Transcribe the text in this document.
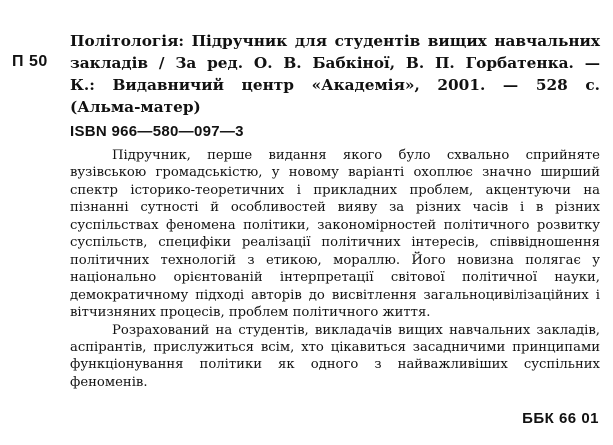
П 50
Політологія: Підручник для студентів вищих навчальних
закладів / За ред. О. В. Бабкіної, В. П. Горбатенка. —
К.: Видавничий центр «Академія», 2001. — 528 с.
(Альма-матер)
ISBN 966—580—097—3

Підручник, перше видання якого було схвально сприйняте вузівською громадськістю, у новому варіанті охоплює значно ширший спектр історико-теоретичних і прикладних проблем, акцентуючи на пізнанні сутності й особливостей вияву за різних часів і в різних суспільствах феномена політики, закономірностей політичного розвитку суспільств, специфіки реалізації політичних інтересів, співвідношення політичних технологій з етикою, мораллю. Його новизна полягає у національно орієнтованій інтерпретації світової політичної науки, демократичному підході авторів до висвітлення загальноцивілізаційних і вітчизняних процесів, проблем політичного життя.

Розрахований на студентів, викладачів вищих навчальних закладів, аспірантів, прислужиться всім, хто цікавиться засадничими принципами функціонування політики як одного з найважливіших суспільних феноменів.

ББК 66 01
